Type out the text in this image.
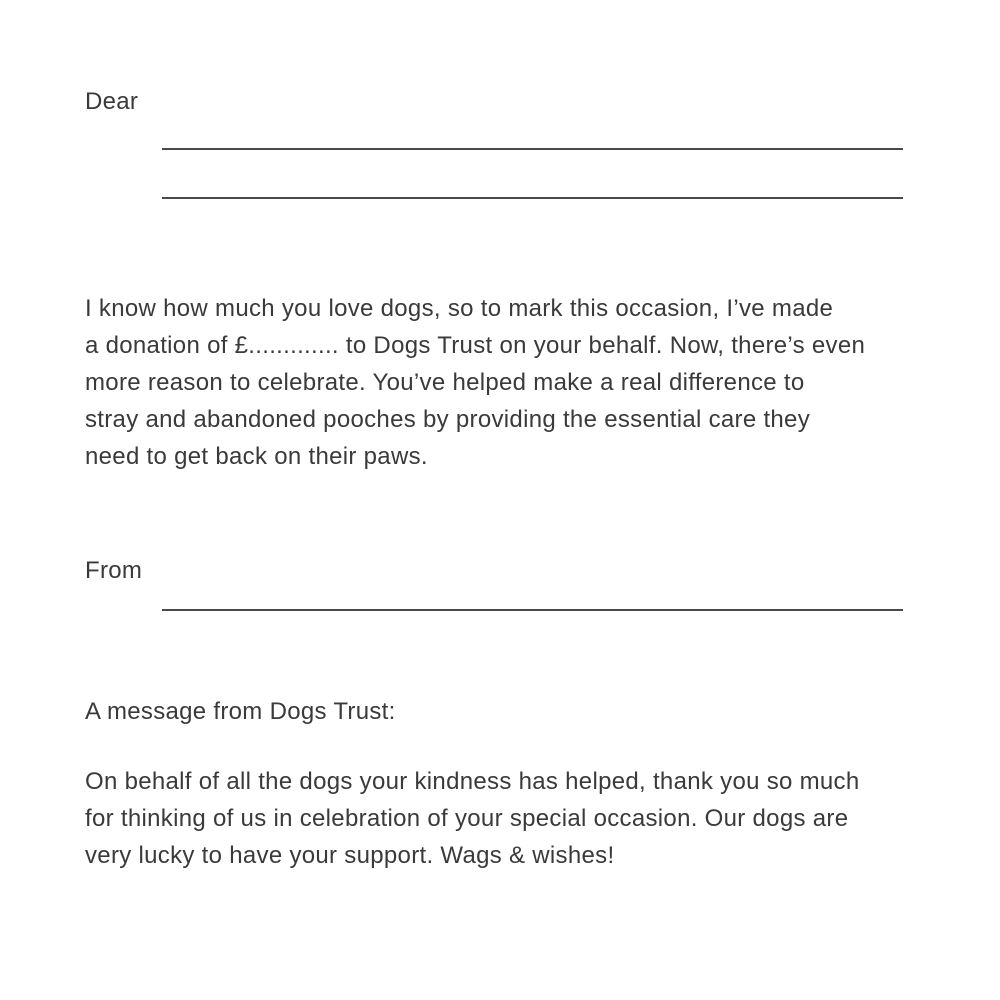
Dear
I know how much you love dogs, so to mark this occasion, I’ve made
a donation of £............. to Dogs Trust on your behalf. Now, there’s even
more reason to celebrate. You’ve helped make a real difference to
stray and abandoned pooches by providing the essential care they
need to get back on their paws.
From
A message from Dogs Trust:
On behalf of all the dogs your kindness has helped, thank you so much
for thinking of us in celebration of your special occasion. Our dogs are
very lucky to have your support. Wags & wishes!
